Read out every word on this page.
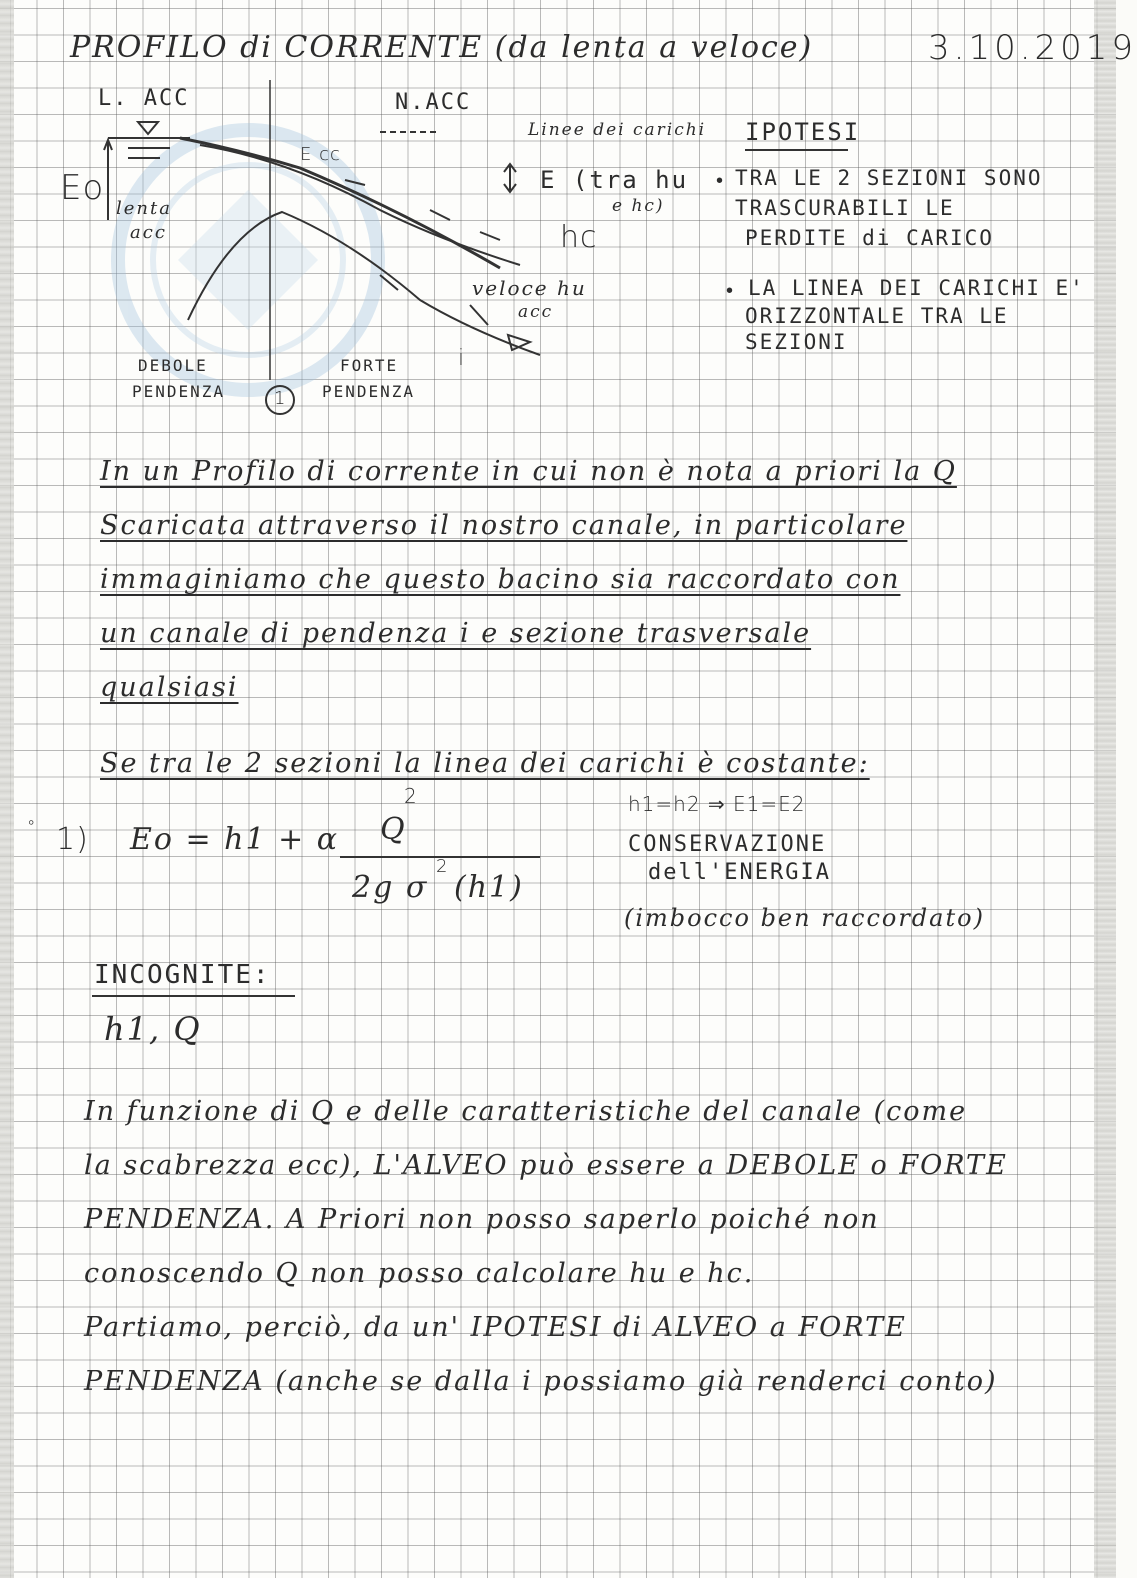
PROFILO di CORRENTE (da lenta a veloce)	3.10.2019
L. ACC	N.ACC
Eo
lenta
acc
E cc
E (tra hu
e hc)
hc
veloce hu
acc
i
DEBOLE
PENDENZA
FORTE
PENDENZA
1
Linee dei carichi IPOTESI
• TRA LE 2 SEZIONI SONO
TRASCURABILI LE
PERDITE di CARICO
• LA LINEA DEI CARICHI E'
ORIZZONTALE TRA LE
SEZIONI
In un Profilo di corrente in cui non è nota a priori la Q
Scaricata attraverso il nostro canale, in particolare
immaginiamo che questo bacino sia raccordato con
un canale di pendenza i e sezione trasversale
qualsiasi
Se tra le 2 sezioni la linea dei carichi è costante:
◦ 1) Eo = h1 + α Q
2
2g σ
2
(h1)
h1=h2 ⇒ E1=E2
CONSERVAZIONE
dell'ENERGIA
(imbocco ben raccordato)
INCOGNITE:
h1, Q
In funzione di Q e delle caratteristiche del canale (come
la scabrezza ecc), L'ALVEO può essere a DEBOLE o FORTE
PENDENZA. A Priori non posso saperlo poiché non
conoscendo Q non posso calcolare hu e hc.
Partiamo, perciò, da un' IPOTESI di ALVEO a FORTE
PENDENZA (anche se dalla i possiamo già renderci conto)
